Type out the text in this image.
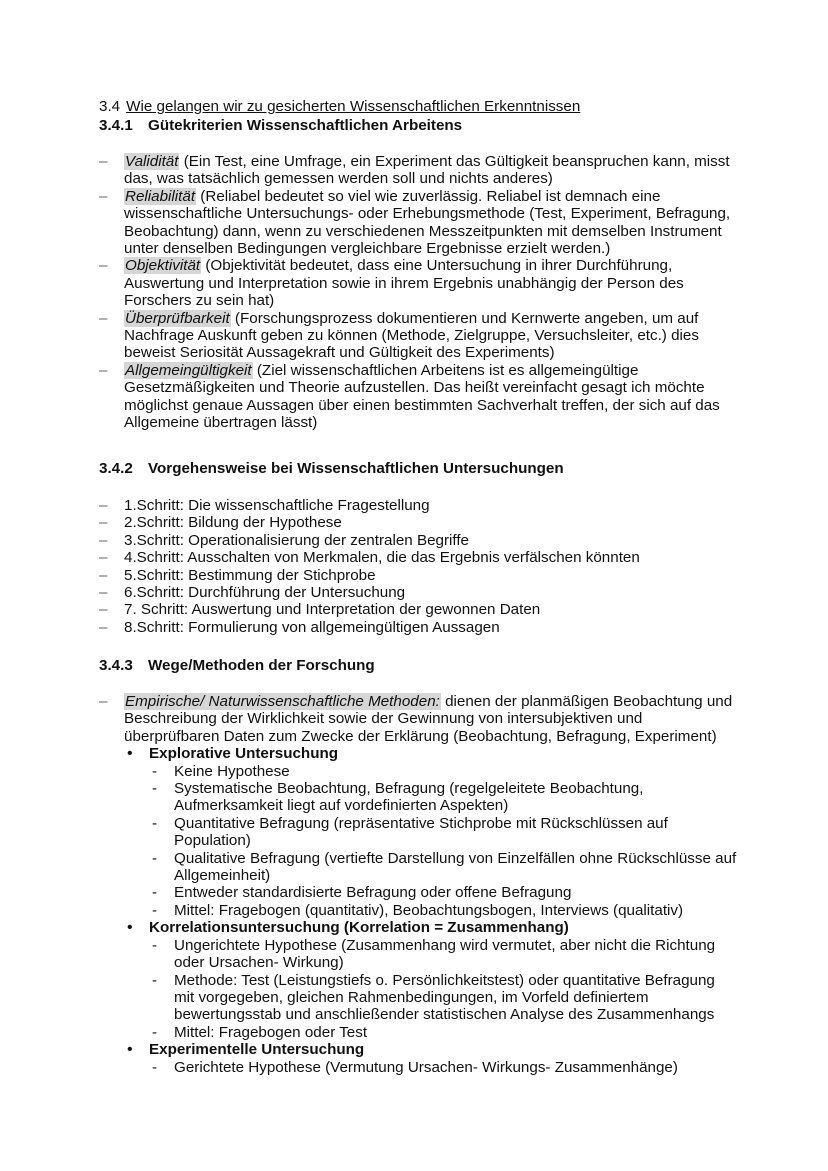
3.4 Wie gelangen wir zu gesicherten Wissenschaftlichen Erkenntnissen
3.4.1 Gütekriterien Wissenschaftlichen Arbeitens
– Validität (Ein Test, eine Umfrage, ein Experiment das Gültigkeit beanspruchen kann, misst das, was tatsächlich gemessen werden soll und nichts anderes)
– Reliabilität (Reliabel bedeutet so viel wie zuverlässig. Reliabel ist demnach eine wissenschaftliche Untersuchungs- oder Erhebungsmethode (Test, Experiment, Befragung, Beobachtung) dann, wenn zu verschiedenen Messzeitpunkten mit demselben Instrument unter denselben Bedingungen vergleichbare Ergebnisse erzielt werden.)
– Objektivität (Objektivität bedeutet, dass eine Untersuchung in ihrer Durchführung, Auswertung und Interpretation sowie in ihrem Ergebnis unabhängig der Person des Forschers zu sein hat)
– Überprüfbarkeit (Forschungsprozess dokumentieren und Kernwerte angeben, um auf Nachfrage Auskunft geben zu können (Methode, Zielgruppe, Versuchsleiter, etc.) dies beweist Seriosität Aussagekraft und Gültigkeit des Experiments)
– Allgemeingültigkeit (Ziel wissenschaftlichen Arbeitens ist es allgemeingültige Gesetzmäßigkeiten und Theorie aufzustellen. Das heißt vereinfacht gesagt ich möchte möglichst genaue Aussagen über einen bestimmten Sachverhalt treffen, der sich auf das Allgemeine übertragen lässt)
3.4.2 Vorgehensweise bei Wissenschaftlichen Untersuchungen
– 1.Schritt: Die wissenschaftliche Fragestellung
– 2.Schritt: Bildung der Hypothese
– 3.Schritt: Operationalisierung der zentralen Begriffe
– 4.Schritt: Ausschalten von Merkmalen, die das Ergebnis verfälschen könnten
– 5.Schritt: Bestimmung der Stichprobe
– 6.Schritt: Durchführung der Untersuchung
– 7. Schritt: Auswertung und Interpretation der gewonnen Daten
– 8.Schritt: Formulierung von allgemeingültigen Aussagen
3.4.3 Wege/Methoden der Forschung
– Empirische/ Naturwissenschaftliche Methoden: dienen der planmäßigen Beobachtung und Beschreibung der Wirklichkeit sowie der Gewinnung von intersubjektiven und überprüfbaren Daten zum Zwecke der Erklärung (Beobachtung, Befragung, Experiment)
• Explorative Untersuchung
- Keine Hypothese
- Systematische Beobachtung, Befragung (regelgeleitete Beobachtung, Aufmerksamkeit liegt auf vordefinierten Aspekten)
- Quantitative Befragung (repräsentative Stichprobe mit Rückschlüssen auf Population)
- Qualitative Befragung (vertiefte Darstellung von Einzelfällen ohne Rückschlüsse auf Allgemeinheit)
- Entweder standardisierte Befragung oder offene Befragung
- Mittel: Fragebogen (quantitativ), Beobachtungsbogen, Interviews (qualitativ)
• Korrelationsuntersuchung (Korrelation = Zusammenhang)
- Ungerichtete Hypothese (Zusammenhang wird vermutet, aber nicht die Richtung oder Ursachen- Wirkung)
- Methode: Test (Leistungstiefs o. Persönlichkeitstest) oder quantitative Befragung mit vorgegeben, gleichen Rahmenbedingungen, im Vorfeld definiertem bewertungsstab und anschließender statistischen Analyse des Zusammenhangs
- Mittel: Fragebogen oder Test
• Experimentelle Untersuchung
- Gerichtete Hypothese (Vermutung Ursachen- Wirkungs- Zusammenhänge)
